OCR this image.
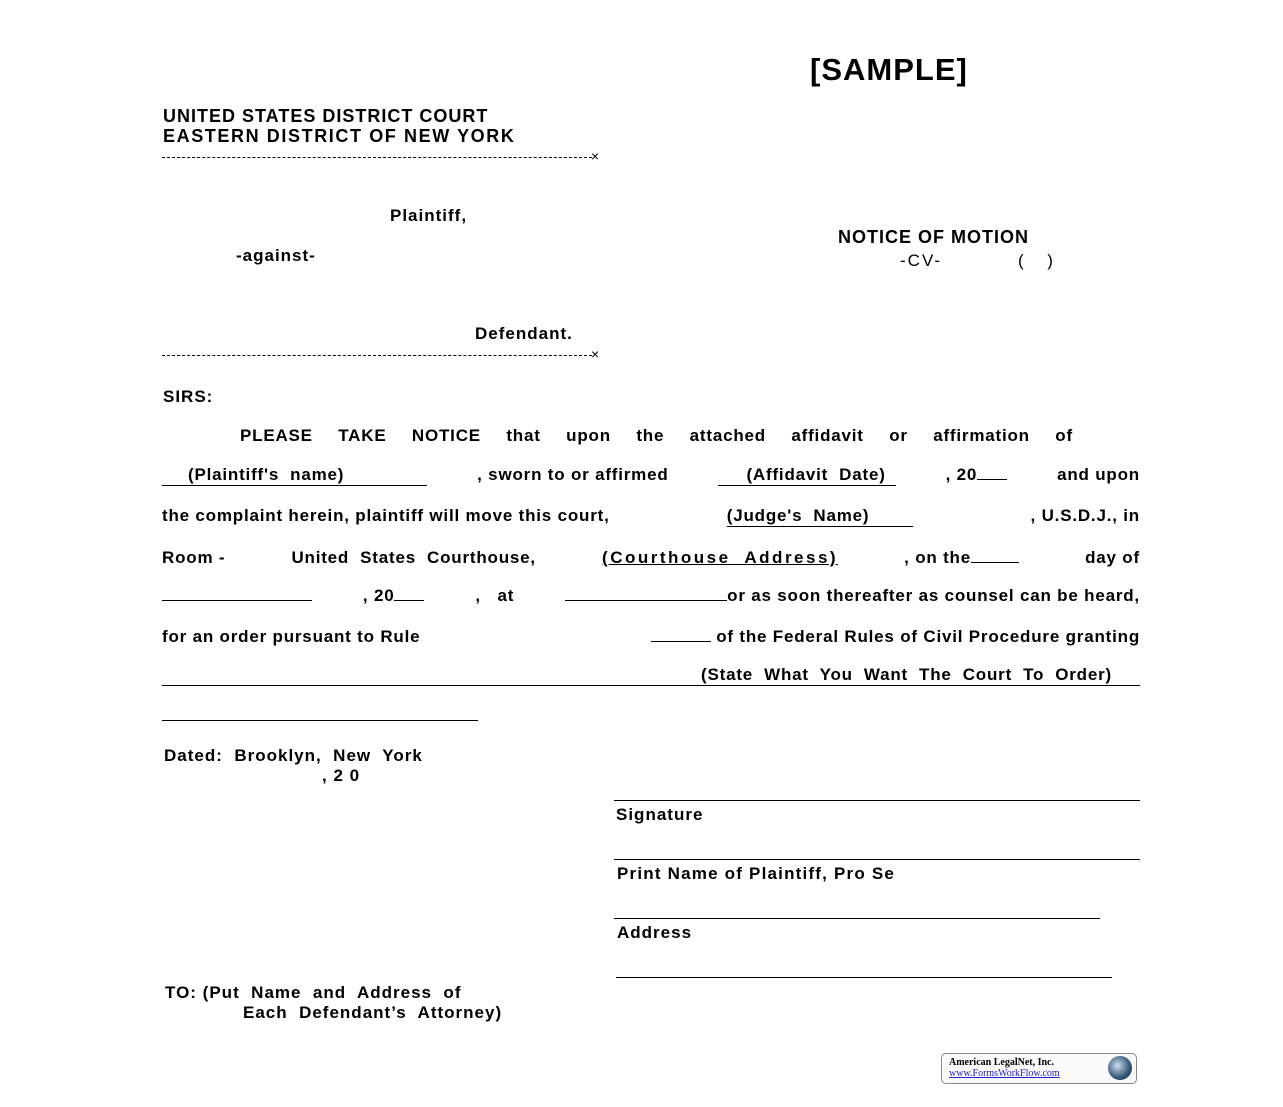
[SAMPLE]
UNITED STATES DISTRICT COURT
EASTERN DISTRICT OF NEW YORK
×
Plaintiff,
-against-
Defendant.
×
NOTICE OF MOTION
-CV-	(     )
SIRS:
PLEASE TAKE NOTICE that upon the attached affidavit or affirmation of
(Plaintiff's  name)	, sworn to or affirmed	(Affidavit  Date)	, 20	and upon
the complaint herein, plaintiff will move this court,	(Judge's  Name)	, U.S.D.J., in
Room -	United  States  Courthouse,	(Courthouse  Address)	, on the	day of
, 20	,   at	or as soon thereafter as counsel can be heard,
for an order pursuant to Rule	of the Federal Rules of Civil Procedure granting
(State  What  You  Want  The  Court  To  Order)
Dated:  Brooklyn,  New  York
, 2 0
Signature
Print Name of Plaintiff, Pro Se
Address
TO: (Put  Name  and  Address  of
Each  Defendant’s  Attorney)
American LegalNet, Inc.
www.FormsWorkFlow.com
